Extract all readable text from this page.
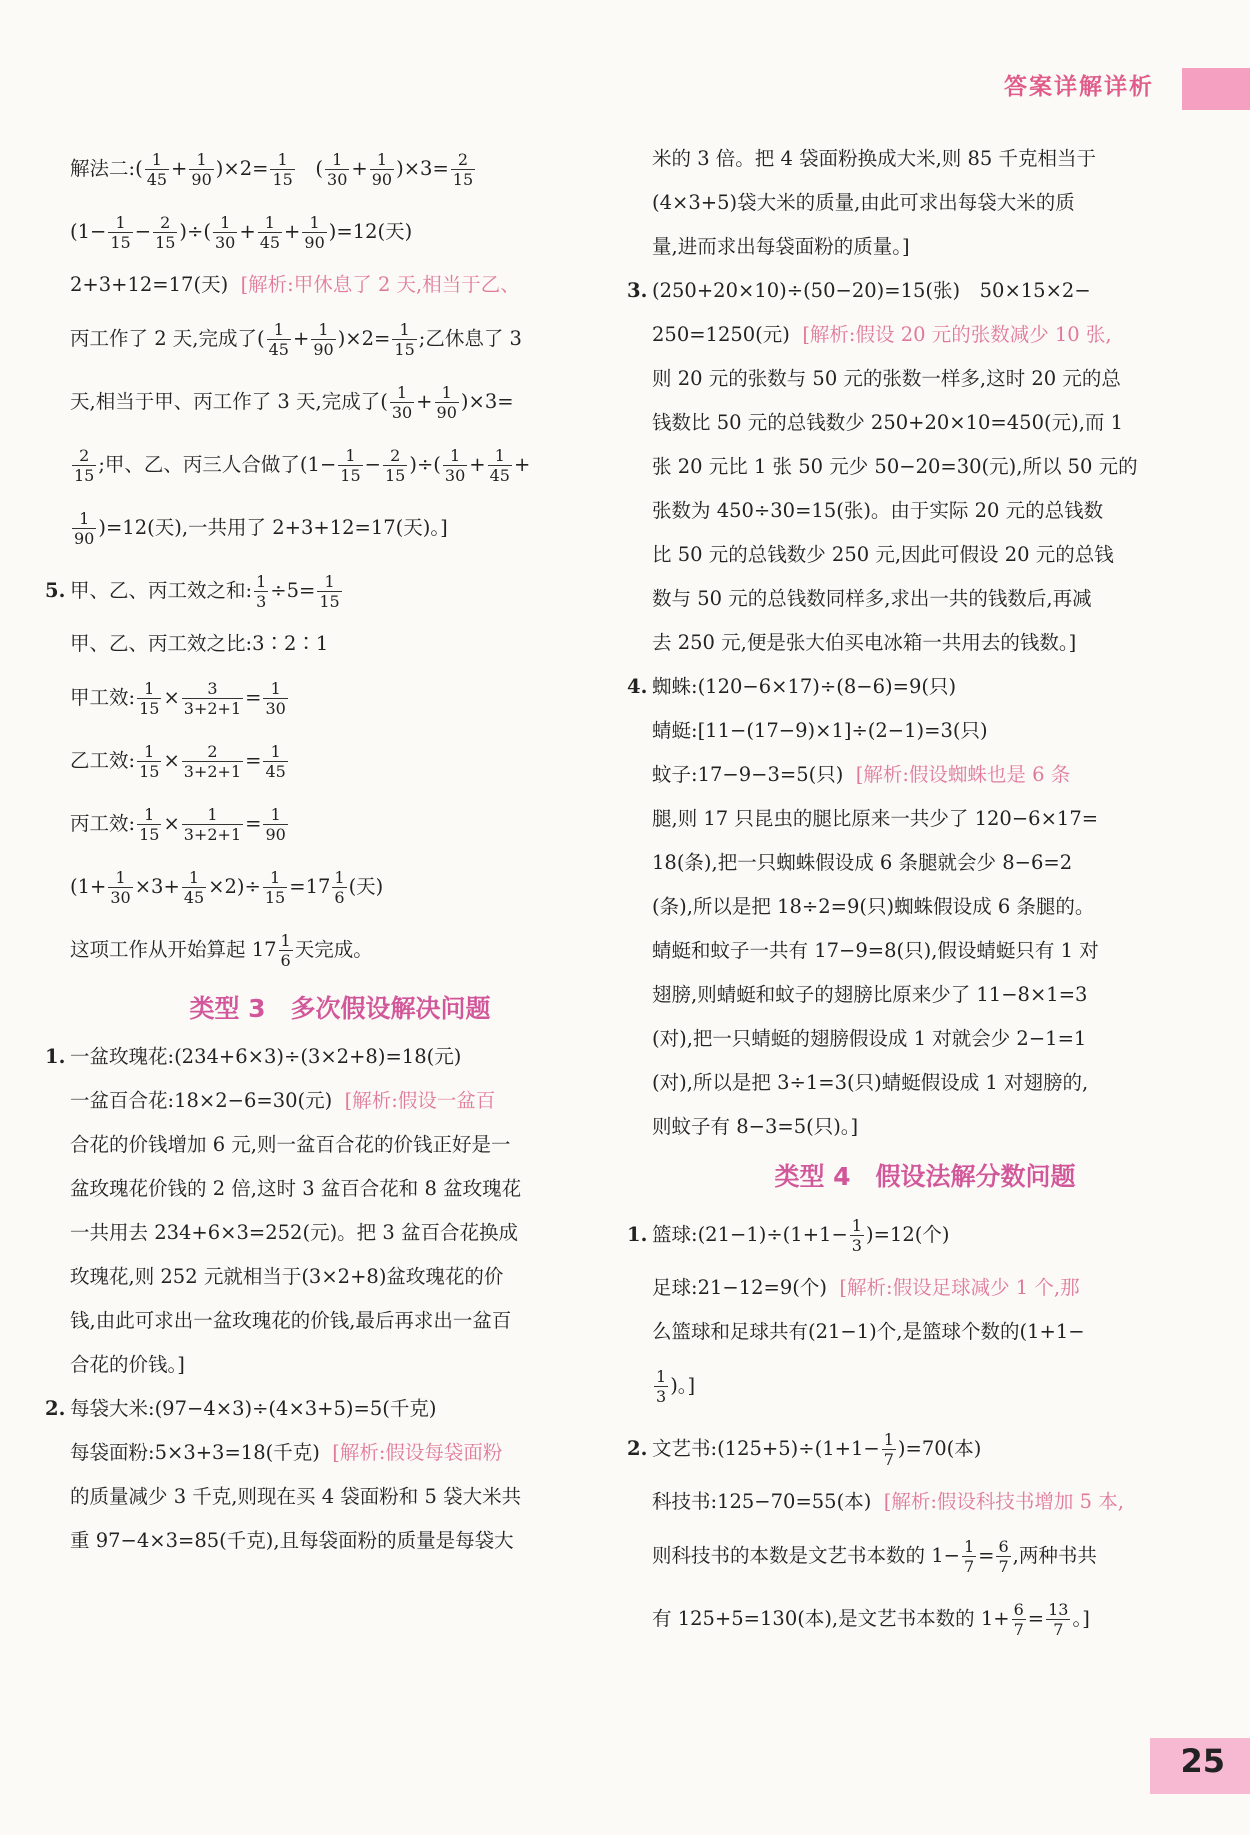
答案详解详析
解法二:( $\frac{1}{45} + \frac{1}{90} )\times 2= \frac{1}{15}$ ( $\frac{1}{30} + \frac{1}{90} )\times 3= \frac{2}{15}$
($1- \frac{1}{15} - \frac{2}{15}$ )÷( $\frac{1}{30} + \frac{1}{45} + \frac{1}{90} )=12$(天)
2+3+12=17(天) [解析:甲休息了 2 天,相当于乙、
丙工作了 2 天,完成了( $\frac{1}{45} + \frac{1}{90} )\times 2= \frac{1}{15}$ ;乙休息了 3
天,相当于甲、丙工作了 3 天,完成了( $\frac{1}{30} + \frac{1}{90} )\times 3=$
$\frac{2}{15}$ ;甲、乙、丙三人合做了($1- \frac{1}{15} - \frac{2}{15}$ )÷( $\frac{1}{30} + \frac{1}{45}$ +
$\frac{1}{90} )=12$(天),一共用了 2+3+12=17(天)。]
5. 甲、乙、丙工效之和: $\frac{1}{3} \div 5= \frac{1}{15}$
甲、乙、丙工效之比:3∶2∶1
甲工效: $\frac{1}{15} \times \frac{3}{3+2+1} = \frac{1}{30}$
乙工效: $\frac{1}{15} \times \frac{2}{3+2+1} = \frac{1}{45}$
丙工效: $\frac{1}{15} \times \frac{1}{3+2+1} = \frac{1}{90}$
$(1+ \frac{1}{30} \times 3+ \frac{1}{45} \times 2)\div \frac{1}{15} =17 \frac{1}{6}$ (天)
这项工作从开始算起 $17 \frac{1}{6}$ 天完成。
类型 3　多次假设解决问题
1. 一盆玫瑰花:(234+6×3)÷(3×2+8)=18(元)
一盆百合花:18×2−6=30(元) [解析:假设一盆百
合花的价钱增加 6 元,则一盆百合花的价钱正好是一
盆玫瑰花价钱的 2 倍,这时 3 盆百合花和 8 盆玫瑰花
一共用去 234+6×3=252(元)。把 3 盆百合花换成
玫瑰花,则 252 元就相当于(3×2+8)盆玫瑰花的价
钱,由此可求出一盆玫瑰花的价钱,最后再求出一盆百
合花的价钱。]
2. 每袋大米:(97−4×3)÷(4×3+5)=5(千克)
每袋面粉:5×3+3=18(千克) [解析:假设每袋面粉
的质量减少 3 千克,则现在买 4 袋面粉和 5 袋大米共
重 97−4×3=85(千克),且每袋面粉的质量是每袋大
米的 3 倍。把 4 袋面粉换成大米,则 85 千克相当于
(4×3+5)袋大米的质量,由此可求出每袋大米的质
量,进而求出每袋面粉的质量。]
3. (250+20×10)÷(50−20)=15(张)　50×15×2−
250=1250(元) [解析:假设 20 元的张数减少 10 张,
则 20 元的张数与 50 元的张数一样多,这时 20 元的总
钱数比 50 元的总钱数少 250+20×10=450(元),而 1
张 20 元比 1 张 50 元少 50−20=30(元),所以 50 元的
张数为 450÷30=15(张)。由于实际 20 元的总钱数
比 50 元的总钱数少 250 元,因此可假设 20 元的总钱
数与 50 元的总钱数同样多,求出一共的钱数后,再减
去 250 元,便是张大伯买电冰箱一共用去的钱数。]
4. 蜘蛛:(120−6×17)÷(8−6)=9(只)
蜻蜓:[11−(17−9)×1]÷(2−1)=3(只)
蚊子:17−9−3=5(只) [解析:假设蜘蛛也是 6 条
腿,则 17 只昆虫的腿比原来一共少了 120−6×17=
18(条),把一只蜘蛛假设成 6 条腿就会少 8−6=2
(条),所以是把 18÷2=9(只)蜘蛛假设成 6 条腿的。
蜻蜓和蚊子一共有 17−9=8(只),假设蜻蜓只有 1 对
翅膀,则蜻蜓和蚊子的翅膀比原来少了 11−8×1=3
(对),把一只蜻蜓的翅膀假设成 1 对就会少 2−1=1
(对),所以是把 3÷1=3(只)蜻蜓假设成 1 对翅膀的,
则蚊子有 8−3=5(只)。]
类型 4　假设法解分数问题
1. 篮球:(21−1)÷(1+1− $\frac{1}{3} )=12$(个)
足球:21−12=9(个) [解析:假设足球减少 1 个,那
么篮球和足球共有(21−1)个,是篮球个数的(1+1−
$\frac{1}{3}$ )。]
2. 文艺书:(125+5)÷(1+1− $\frac{1}{7} )=70$(本)
科技书:125−70=55(本) [解析:假设科技书增加 5 本,
则科技书的本数是文艺书本数的 $1- \frac{1}{7} = \frac{6}{7}$ ,两种书共
有 125+5=130(本),是文艺书本数的 $1+ \frac{6}{7} = \frac{13}{7}$ 。]
25
